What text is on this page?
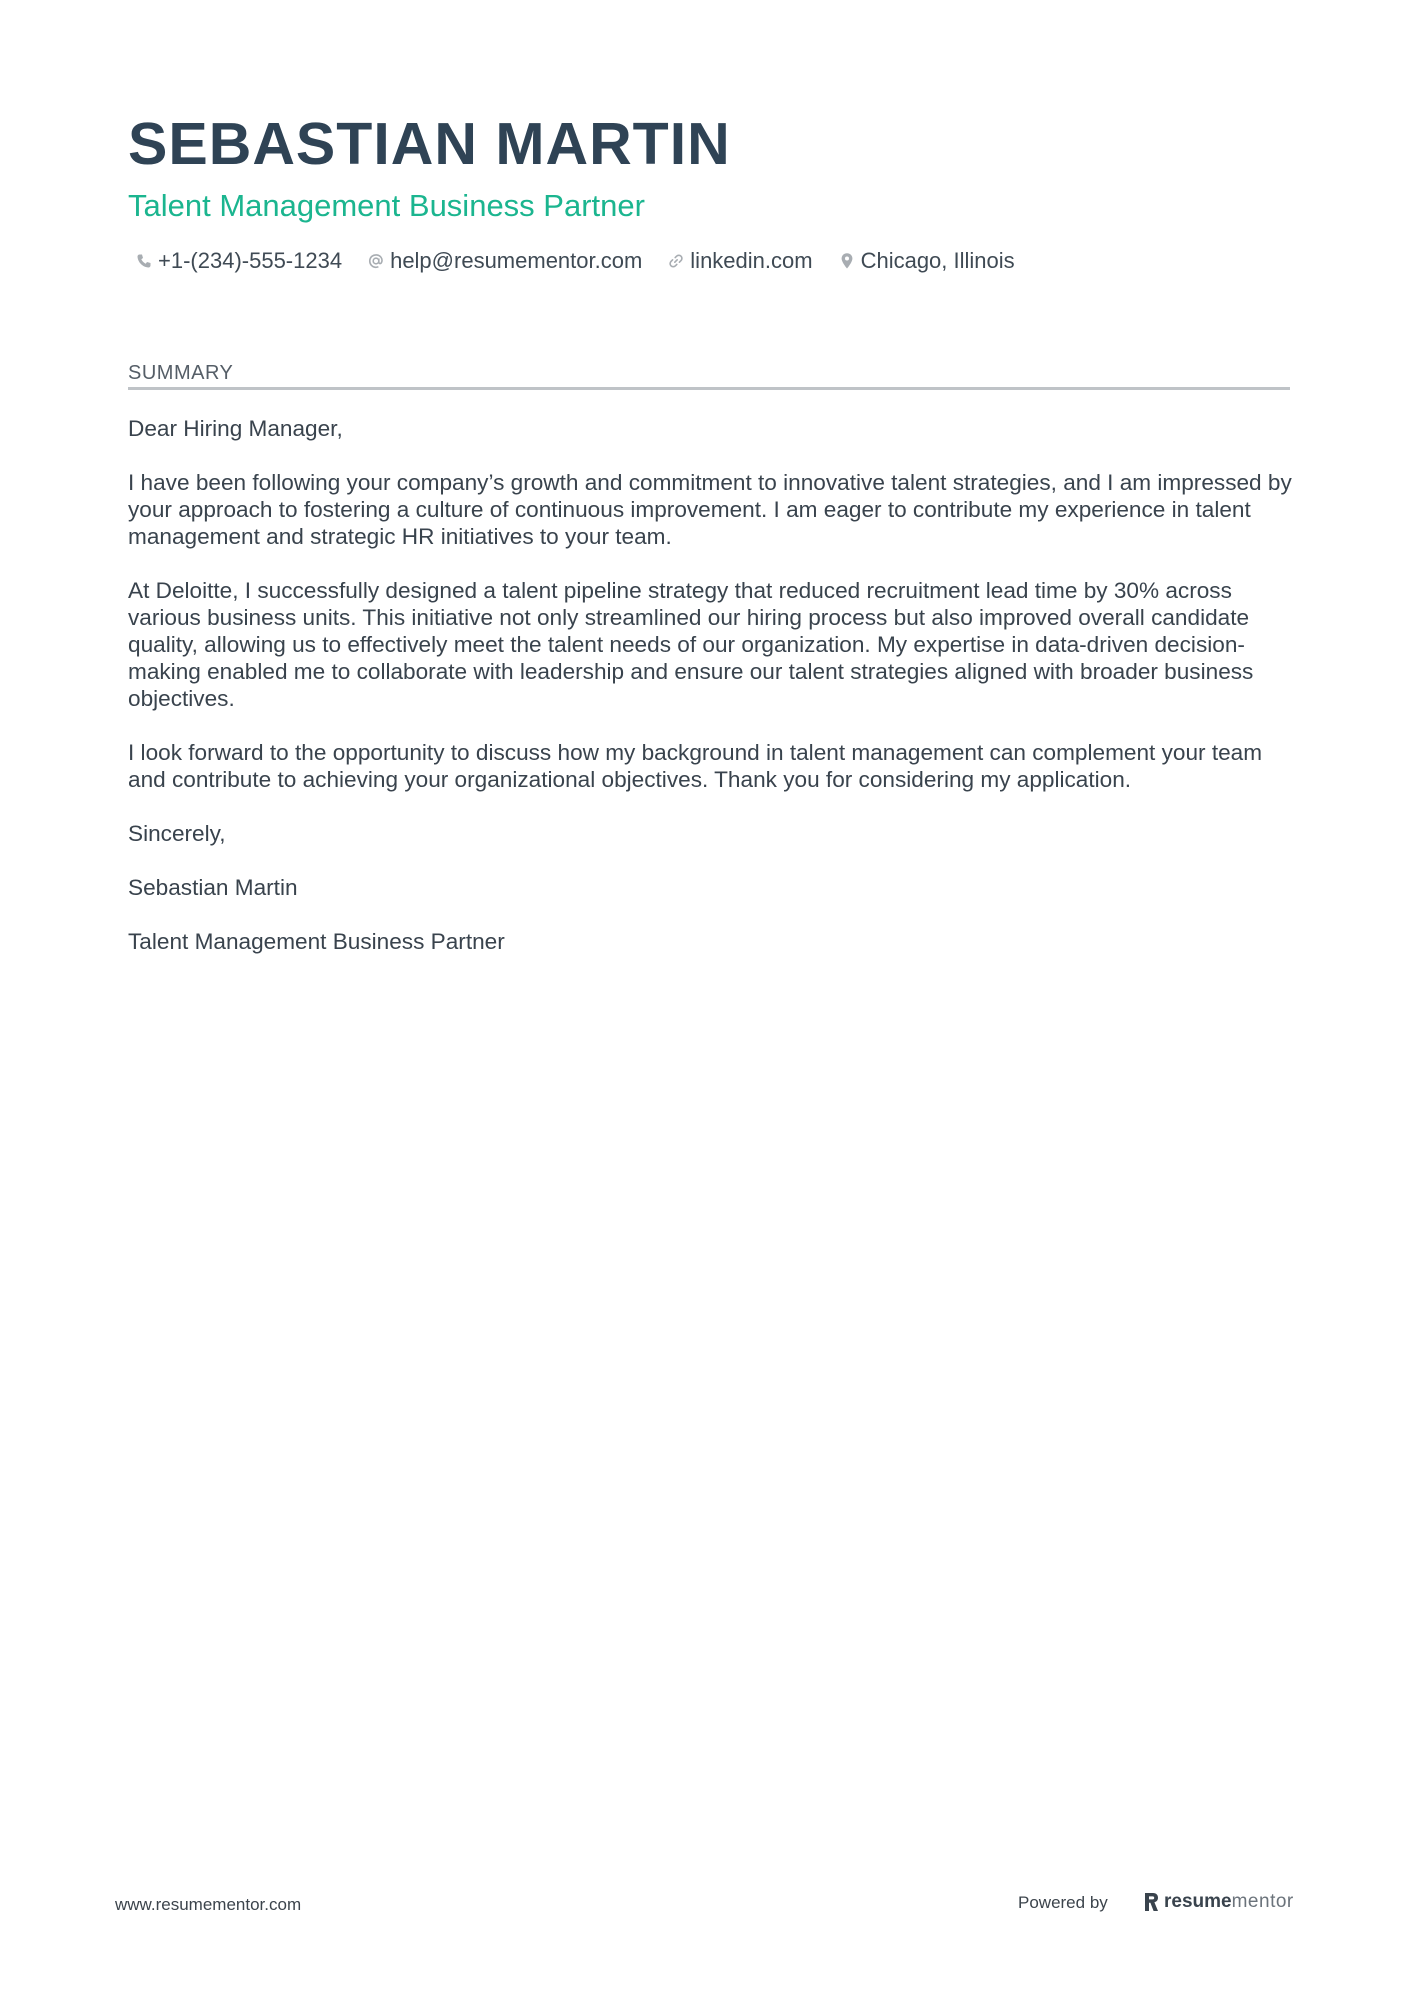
SEBASTIAN MARTIN
Talent Management Business Partner
+1-(234)-555-1234 help@resumementor.com linkedin.com Chicago, Illinois
SUMMARY

Dear Hiring Manager,

I have been following your company’s growth and commitment to innovative talent strategies, and I am impressed by your approach to fostering a culture of continuous improvement. I am eager to contribute my experience in talent management and strategic HR initiatives to your team.

At Deloitte, I successfully designed a talent pipeline strategy that reduced recruitment lead time by 30% across various business units. This initiative not only streamlined our hiring process but also improved overall candidate quality, allowing us to effectively meet the talent needs of our organization. My expertise in data-driven decision-making enabled me to collaborate with leadership and ensure our talent strategies aligned with broader business objectives.

I look forward to the opportunity to discuss how my background in talent management can complement your team and contribute to achieving your organizational objectives. Thank you for considering my application.

Sincerely,

Sebastian Martin

Talent Management Business Partner

www.resumementor.com	Powered by	resume mentor
